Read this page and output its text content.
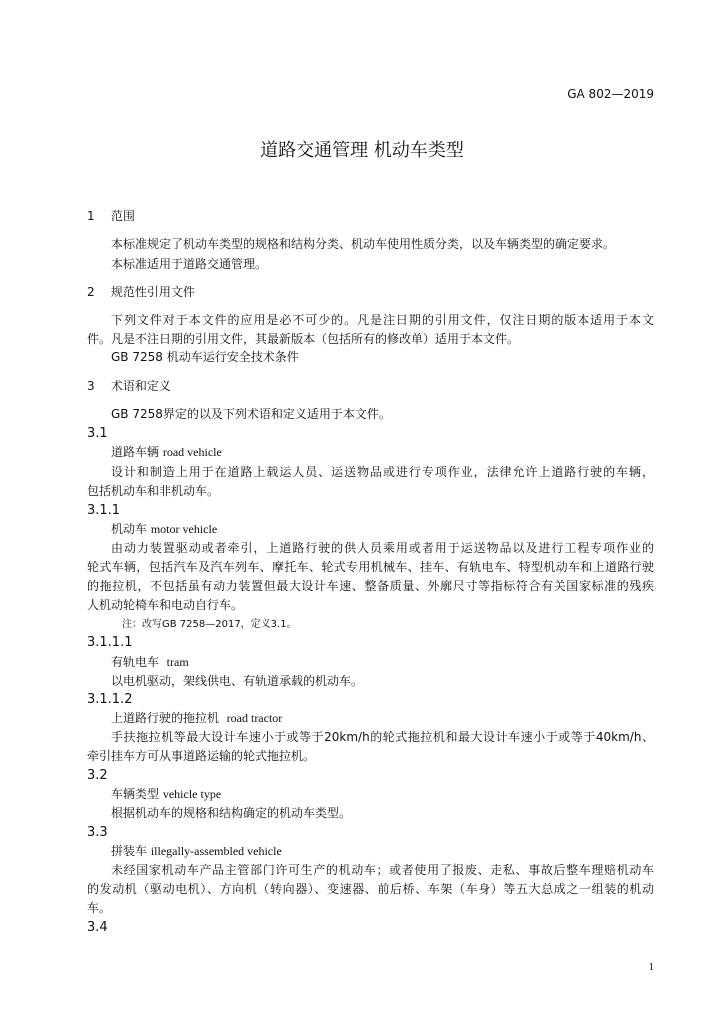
GA 802—2019
道路交通管理 机动车类型
1 范围
本标准规定了机动车类型的规格和结构分类、机动车使用性质分类，以及车辆类型的确定要求。
本标准适用于道路交通管理。
2 规范性引用文件
下列文件对于本文件的应用是必不可少的。凡是注日期的引用文件，仅注日期的版本适用于本文
件。凡是不注日期的引用文件，其最新版本（包括所有的修改单）适用于本文件。
GB 7258 机动车运行安全技术条件
3 术语和定义
GB 7258界定的以及下列术语和定义适用于本文件。
3.1
道路车辆 road vehicle
设计和制造上用于在道路上载运人员、运送物品或进行专项作业，法律允许上道路行驶的车辆，
包括机动车和非机动车。
3.1.1
机动车 motor vehicle
由动力装置驱动或者牵引，上道路行驶的供人员乘用或者用于运送物品以及进行工程专项作业的
轮式车辆，包括汽车及汽车列车、摩托车、轮式专用机械车、挂车、有轨电车、特型机动车和上道路行驶
的拖拉机，不包括虽有动力装置但最大设计车速、整备质量、外廓尺寸等指标符合有关国家标准的残疾
人机动轮椅车和电动自行车。
注：改写GB 7258—2017，定义3.1。
3.1.1.1
有轨电车 tram
以电机驱动，架线供电、有轨道承载的机动车。
3.1.1.2
上道路行驶的拖拉机 road tractor
手扶拖拉机等最大设计车速小于或等于20km/h的轮式拖拉机和最大设计车速小于或等于40km/h、
牵引挂车方可从事道路运输的轮式拖拉机。
3.2
车辆类型 vehicle type
根据机动车的规格和结构确定的机动车类型。
3.3
拼装车 illegally-assembled vehicle
未经国家机动车产品主管部门许可生产的机动车；或者使用了报废、走私、事故后整车理赔机动车
的发动机（驱动电机）、方向机（转向器）、变速器、前后桥、车架（车身）等五大总成之一组装的机动
车。
3.4
1
